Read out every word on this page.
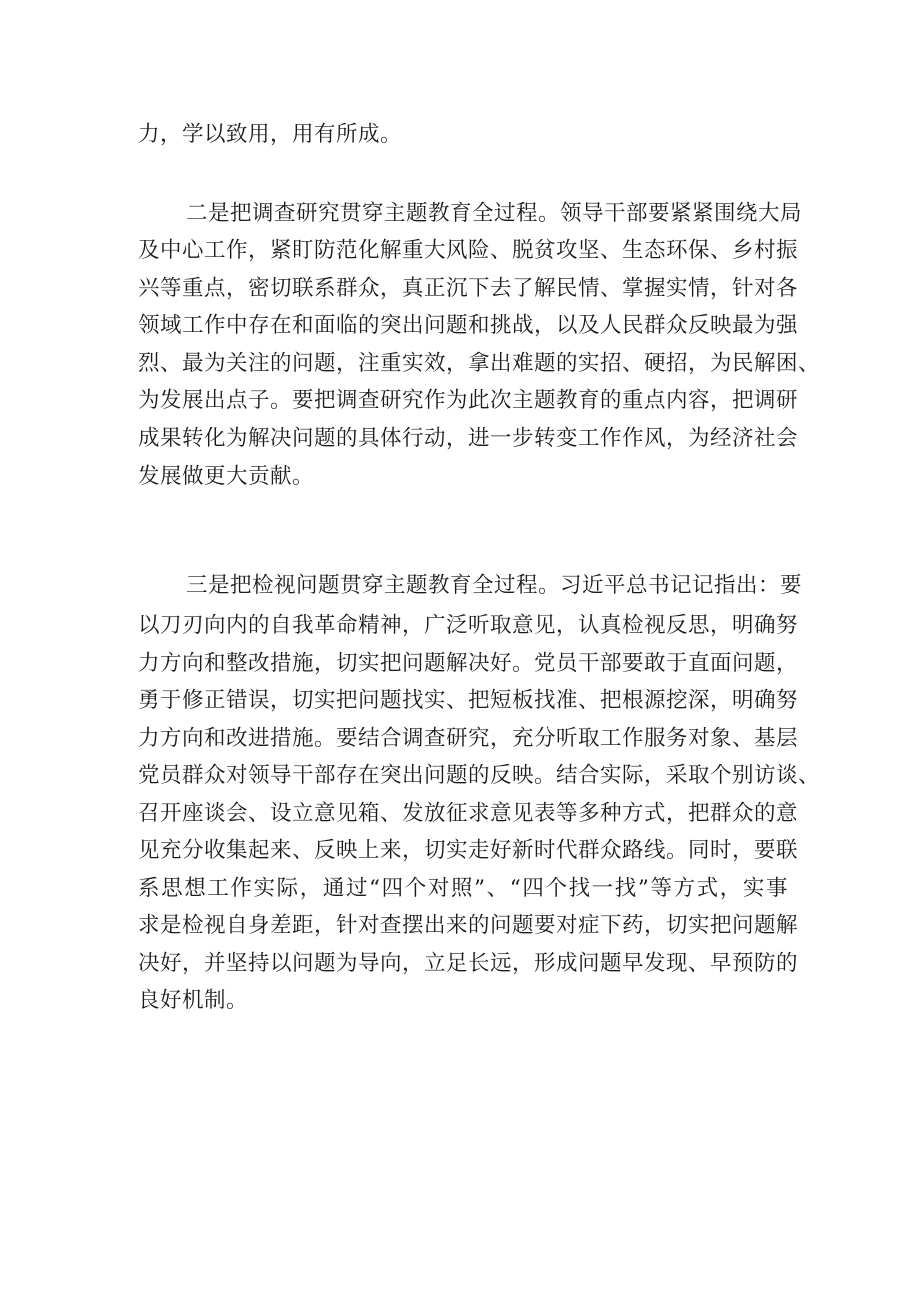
力，学以致用，用有所成。
二是把调查研究贯穿主题教育全过程。领导干部要紧紧围绕大局
及中心工作，紧盯防范化解重大风险、脱贫攻坚、生态环保、乡村振
兴等重点，密切联系群众，真正沉下去了解民情、掌握实情，针对各
领域工作中存在和面临的突出问题和挑战，以及人民群众反映最为强
烈、最为关注的问题，注重实效，拿出难题的实招、硬招，为民解困、
为发展出点子。要把调查研究作为此次主题教育的重点内容，把调研
成果转化为解决问题的具体行动，进一步转变工作作风，为经济社会
发展做更大贡献。
三是把检视问题贯穿主题教育全过程。习近平总书记记指出：要
以刀刃向内的自我革命精神，广泛听取意见，认真检视反思，明确努
力方向和整改措施，切实把问题解决好。党员干部要敢于直面问题，
勇于修正错误，切实把问题找实、把短板找准、把根源挖深，明确努
力方向和改进措施。要结合调查研究，充分听取工作服务对象、基层
党员群众对领导干部存在突出问题的反映。结合实际，采取个别访谈、
召开座谈会、设立意见箱、发放征求意见表等多种方式，把群众的意
见充分收集起来、反映上来，切实走好新时代群众路线。同时，要联
系思想工作实际，通过“四个对照”、“四个找一找”等方式，实事
求是检视自身差距，针对查摆出来的问题要对症下药，切实把问题解
决好，并坚持以问题为导向，立足长远，形成问题早发现、早预防的
良好机制。
